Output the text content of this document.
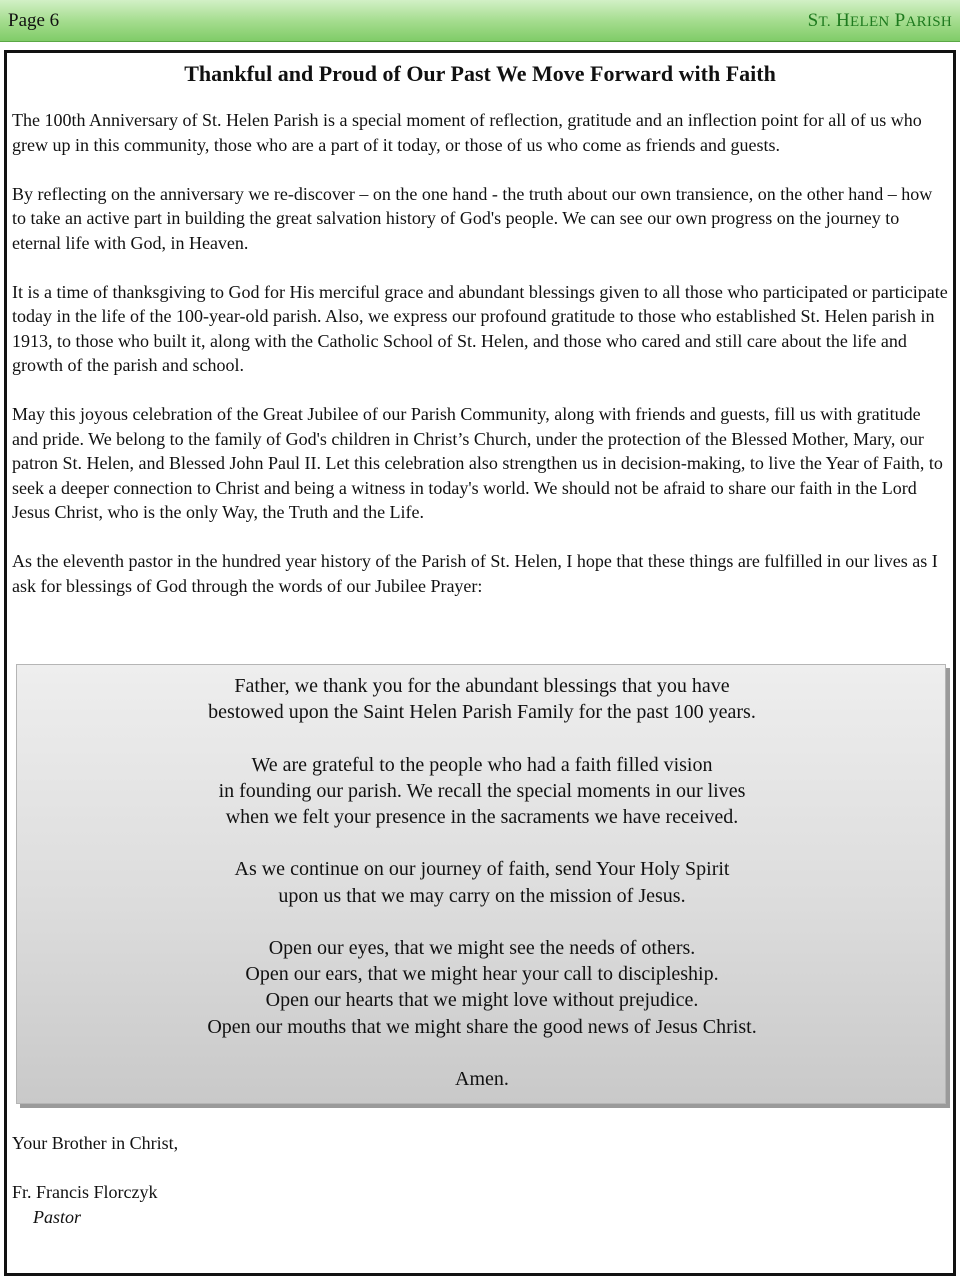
Page 6	ST. HELEN PARISH
Thankful and Proud of Our Past We Move Forward with Faith

The 100th Anniversary of St. Helen Parish is a special moment of reflection, gratitude and an inflection point for all of us who grew up in this community, those who are a part of it today, or those of us who come as friends and guests.

By reflecting on the anniversary we re-discover – on the one hand - the truth about our own transience, on the other hand – how to take an active part in building the great salvation history of God's people. We can see our own progress on the journey to eternal life with God, in Heaven.

It is a time of thanksgiving to God for His merciful grace and abundant blessings given to all those who participated or participate today in the life of the 100-year-old parish. Also, we express our profound gratitude to those who established St. Helen parish in 1913, to those who built it, along with the Catholic School of St. Helen, and those who cared and still care about the life and growth of the parish and school.

May this joyous celebration of the Great Jubilee of our Parish Community, along with friends and guests, fill us with gratitude and pride. We belong to the family of God's children in Christ’s Church, under the protection of the Blessed Mother, Mary, our patron St. Helen, and Blessed John Paul II. Let this celebration also strengthen us in decision-making, to live the Year of Faith, to seek a deeper connection to Christ and being a witness in today's world. We should not be afraid to share our faith in the Lord Jesus Christ, who is the only Way, the Truth and the Life.

As the eleventh pastor in the hundred year history of the Parish of St. Helen, I hope that these things are fulfilled in our lives as I ask for blessings of God through the words of our Jubilee Prayer:

Father, we thank you for the abundant blessings that you have
bestowed upon the Saint Helen Parish Family for the past 100 years.
We are grateful to the people who had a faith filled vision
in founding our parish. We recall the special moments in our lives
when we felt your presence in the sacraments we have received.
As we continue on our journey of faith, send Your Holy Spirit
upon us that we may carry on the mission of Jesus.
Open our eyes, that we might see the needs of others.
Open our ears, that we might hear your call to discipleship.
Open our hearts that we might love without prejudice.
Open our mouths that we might share the good news of Jesus Christ.
Amen.
Your Brother in Christ,
Fr. Francis Florczyk
Pastor
